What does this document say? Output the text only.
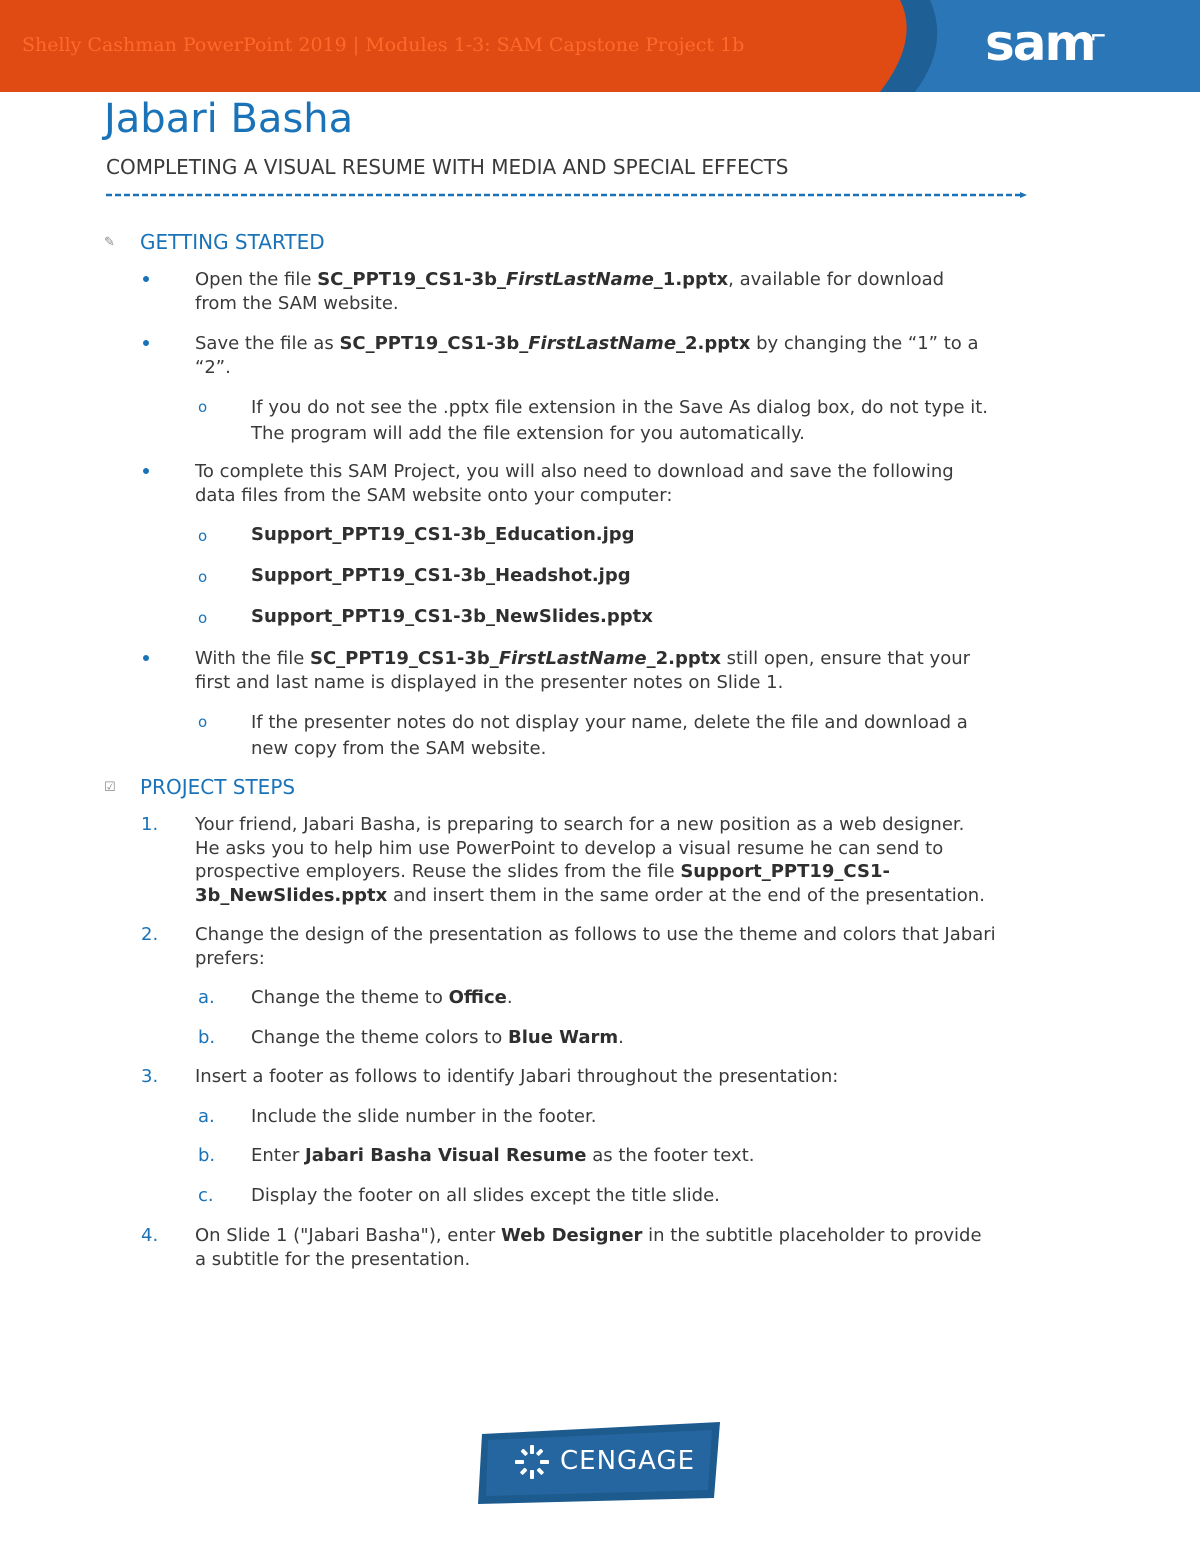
Shelly Cashman PowerPoint 2019 | Modules 1-3: SAM Capstone Project 1b	sam
⌐
Jabari Basha
COMPLETING A VISUAL RESUME WITH MEDIA AND SPECIAL EFFECTS
✎	GETTING STARTED
Open the file SC_PPT19_CS1-3b_FirstLastName_1.pptx, available for download
from the SAM website.
Save the file as SC_PPT19_CS1-3b_FirstLastName_2.pptx by changing the “1” to a
“2”.
o If you do not see the .pptx file extension in the Save As dialog box, do not type it.
The program will add the file extension for you automatically.
To complete this SAM Project, you will also need to download and save the following
data files from the SAM website onto your computer:
o Support_PPT19_CS1-3b_Education.jpg
o Support_PPT19_CS1-3b_Headshot.jpg
o Support_PPT19_CS1-3b_NewSlides.pptx
With the file SC_PPT19_CS1-3b_FirstLastName_2.pptx still open, ensure that your
first and last name is displayed in the presenter notes on Slide 1.
o If the presenter notes do not display your name, delete the file and download a
new copy from the SAM website.
☑	PROJECT STEPS
1. Your friend, Jabari Basha, is preparing to search for a new position as a web designer.
He asks you to help him use PowerPoint to develop a visual resume he can send to
prospective employers. Reuse the slides from the file Support_PPT19_CS1-
3b_NewSlides.pptx and insert them in the same order at the end of the presentation.
2. Change the design of the presentation as follows to use the theme and colors that Jabari
prefers:
a. Change the theme to Office.
b. Change the theme colors to Blue Warm.
3. Insert a footer as follows to identify Jabari throughout the presentation:
a. Include the slide number in the footer.
b. Enter Jabari Basha Visual Resume as the footer text.
c. Display the footer on all slides except the title slide.
4. On Slide 1 ("Jabari Basha"), enter Web Designer in the subtitle placeholder to provide
a subtitle for the presentation.
CENGAGE
